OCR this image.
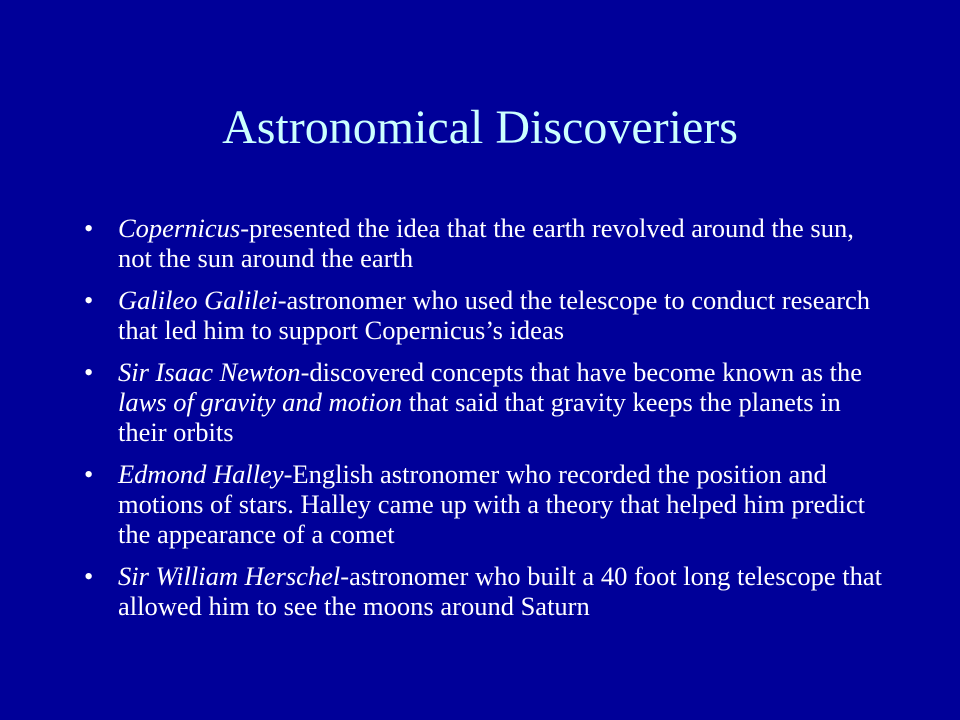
Astronomical Discoveriers
• Copernicus-presented the idea that the earth revolved around the sun, not the sun around the earth
• Galileo Galilei-astronomer who used the telescope to conduct research that led him to support Copernicus’s ideas
• Sir Isaac Newton-discovered concepts that have become known as the laws of gravity and motion that said that gravity keeps the planets in their orbits
• Edmond Halley-English astronomer who recorded the position and motions of stars. Halley came up with a theory that helped him predict the appearance of a comet
• Sir William Herschel-astronomer who built a 40 foot long telescope that allowed him to see the moons around Saturn
